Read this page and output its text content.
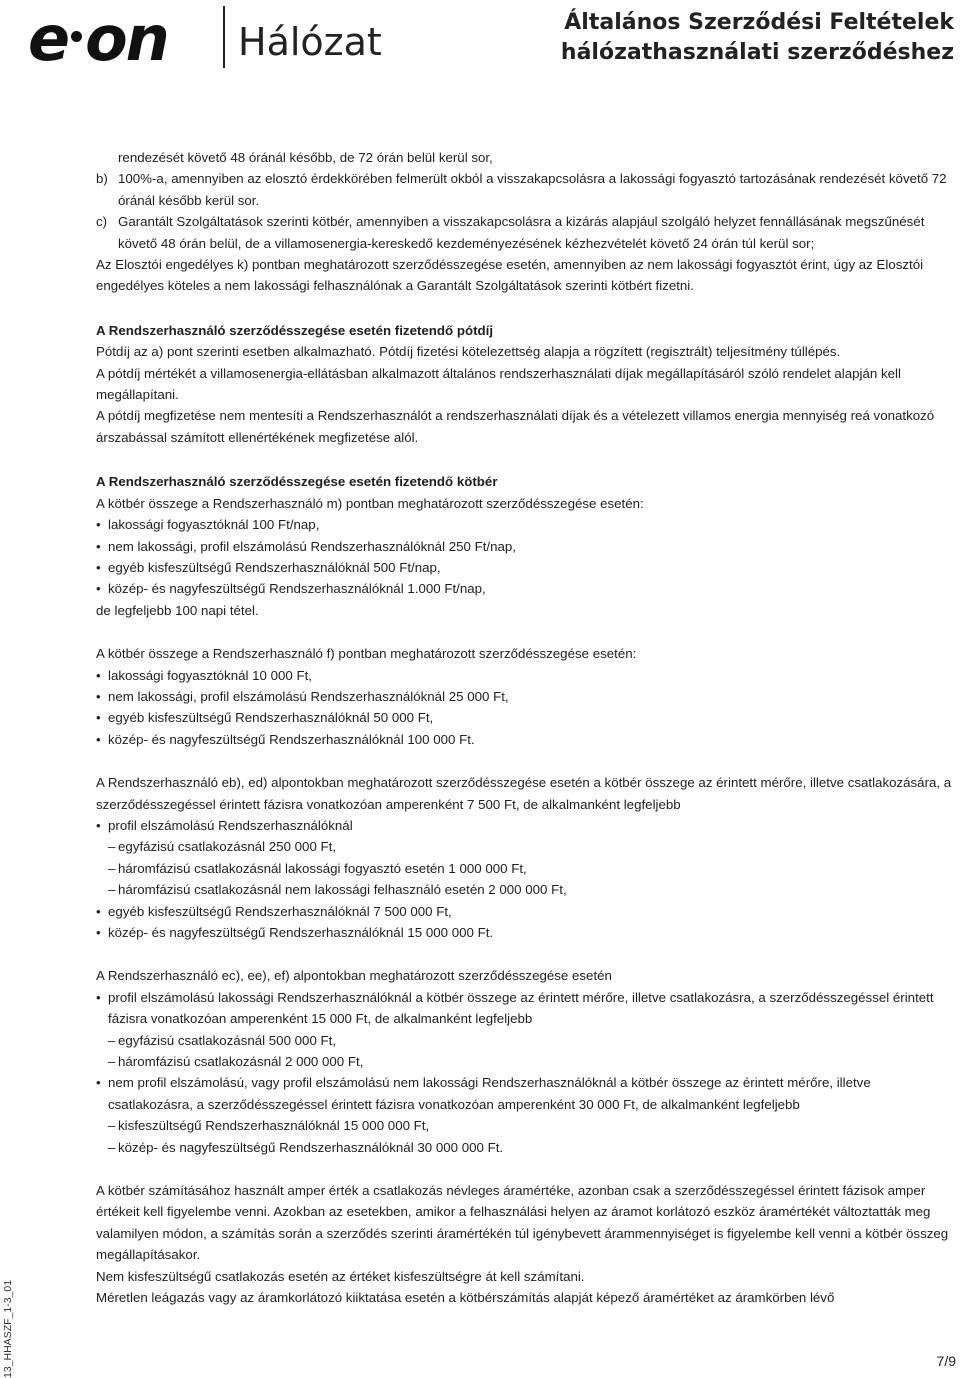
e on Hálózat	Általános Szerződési Feltételek
hálózathasználati szerződéshez

rendezését követő 48 óránál később, de 72 órán belül kerül sor,

b) 100%-a, amennyiben az elosztó érdekkörében felmerült okból a visszakapcsolásra a lakossági fogyasztó tartozásának rendezését követő 72 óránál később kerül sor.
c) Garantált Szolgáltatások szerinti kötbér, amennyiben a visszakapcsolásra a kizárás alapjául szolgáló helyzet fennállásának megszűnését követő 48 órán belül, de a villamosenergia-kereskedő kezdeményezésének kézhezvételét követő 24 órán túl kerül sor;

Az Elosztói engedélyes k) pontban meghatározott szerződésszegése esetén, amennyiben az nem lakossági fogyasztót érint, úgy az Elosztói engedélyes köteles a nem lakossági felhasználónak a Garantált Szolgáltatások szerinti kötbért fizetni.

A Rendszerhasználó szerződésszegése esetén fizetendő pótdíj

Pótdíj az a) pont szerinti esetben alkalmazható. Pótdíj fizetési kötelezettség alapja a rögzített (regisztrált) teljesítmény túllépés.

A pótdíj mértékét a villamosenergia-ellátásban alkalmazott általános rendszerhasználati díjak megállapításáról szóló rendelet alapján kell megállapítani.

A pótdíj megfizetése nem mentesíti a Rendszerhasználót a rendszerhasználati díjak és a vételezett villamos energia mennyiség reá vonatkozó árszabással számított ellenértékének megfizetése alól.

A Rendszerhasználó szerződésszegése esetén fizetendő kötbér

A kötbér összege a Rendszerhasználó m) pontban meghatározott szerződésszegése esetén:

• lakossági fogyasztóknál 100 Ft/nap,
• nem lakossági, profil elszámolású Rendszerhasználóknál 250 Ft/nap,
• egyéb kisfeszültségű Rendszerhasználóknál 500 Ft/nap,
• közép- és nagyfeszültségű Rendszerhasználóknál 1.000 Ft/nap,

de legfeljebb 100 napi tétel.

A kötbér összege a Rendszerhasználó f) pontban meghatározott szerződésszegése esetén:

• lakossági fogyasztóknál 10 000 Ft,
• nem lakossági, profil elszámolású Rendszerhasználóknál 25 000 Ft,
• egyéb kisfeszültségű Rendszerhasználóknál 50 000 Ft,
• közép- és nagyfeszültségű Rendszerhasználóknál 100 000 Ft.

A Rendszerhasználó eb), ed) alpontokban meghatározott szerződésszegése esetén a kötbér összege az érintett mérőre, illetve csatlakozására, a szerződésszegéssel érintett fázisra vonatkozóan amperenként 7 500 Ft, de alkalmanként legfeljebb

• profil elszámolású Rendszerhasználóknál
– egyfázisú csatlakozásnál 250 000 Ft,
– háromfázisú csatlakozásnál lakossági fogyasztó esetén 1 000 000 Ft,
– háromfázisú csatlakozásnál nem lakossági felhasználó esetén 2 000 000 Ft,
• egyéb kisfeszültségű Rendszerhasználóknál 7 500 000 Ft,
• közép- és nagyfeszültségű Rendszerhasználóknál 15 000 000 Ft.

A Rendszerhasználó ec), ee), ef) alpontokban meghatározott szerződésszegése esetén

• profil elszámolású lakossági Rendszerhasználóknál a kötbér összege az érintett mérőre, illetve csatlakozásra, a szerződésszegéssel érintett fázisra vonatkozóan amperenként 15 000 Ft, de alkalmanként legfeljebb
– egyfázisú csatlakozásnál 500 000 Ft,
– háromfázisú csatlakozásnál 2 000 000 Ft,
• nem profil elszámolású, vagy profil elszámolású nem lakossági Rendszerhasználóknál a kötbér összege az érintett mérőre, illetve csatlakozásra, a szerződésszegéssel érintett fázisra vonatkozóan amperenként 30 000 Ft, de alkalmanként legfeljebb
– kisfeszültségű Rendszerhasználóknál 15 000 000 Ft,
– közép- és nagyfeszültségű Rendszerhasználóknál 30 000 000 Ft.

A kötbér számításához használt amper érték a csatlakozás névleges áramértéke, azonban csak a szerződésszegéssel érintett fázisok amper értékeit kell figyelembe venni. Azokban az esetekben, amikor a felhasználási helyen az áramot korlátozó eszköz áramértékét változtatták meg valamilyen módon, a számítás során a szerződés szerinti áramértékén túl igénybevett árammennyiséget is figyelembe kell venni a kötbér összeg megállapításakor.

Nem kisfeszültségű csatlakozás esetén az értéket kisfeszültségre át kell számítani.

Méretlen leágazás vagy az áramkorlátozó kiiktatása esetén a kötbérszámítás alapját képező áramértéket az áramkörben lévő

13_HHASZF_1-3_01	7/9
